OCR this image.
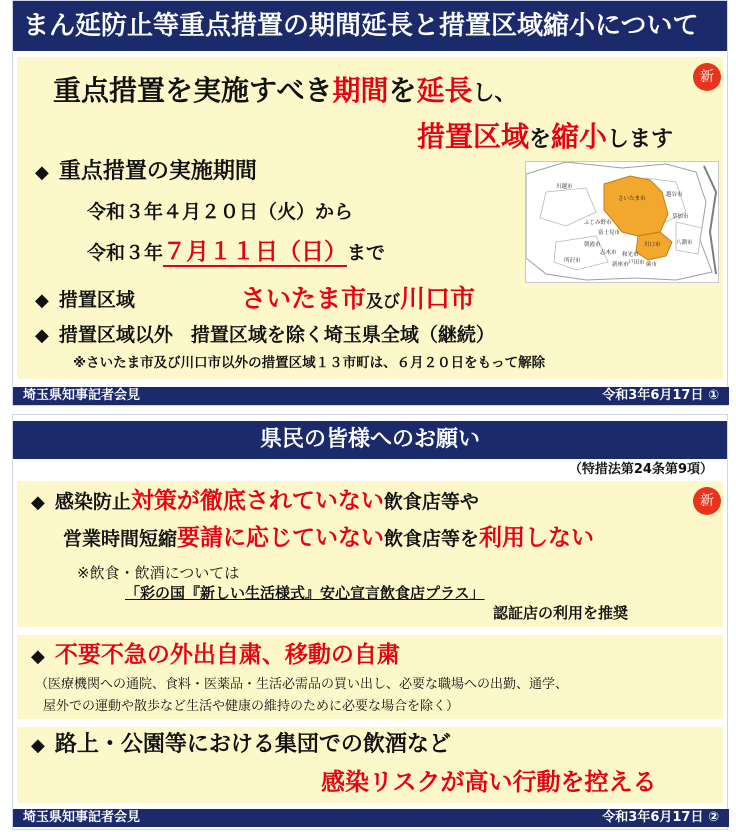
まん延防止等重点措置の期間延長と措置区域縮小について
新
重点措置を実施すべき期間を延長し、
措置区域を縮小します
◆ 重点措置の実施期間
令和３年４月２０日（火）から
令和３年７月１１日（日）まで
◆ 措置区域	さいたま市及び川口市
◆ 措置区域以外 措置区域を除く埼玉県全域（継続）
※さいたま市及び川口市以外の措置区域１３市町は、６月２０日をもって解除
川越市
さいたま市
越谷市
ふじみ野市
草加市
富士見市
川口市
朝霞市	八潮市
志木市 和光市
戸田市
所沢市
新座市	蕨市
埼玉県知事記者会見	令和3年6月17日 ①
県民の皆様へのお願い
（特措法第24条第9項）
新
◆ 感染防止対策が徹底されていない飲食店等や
営業時間短縮要請に応じていない飲食店等を利用しない
※飲食・飲酒については
「彩の国『新しい生活様式』安心宣言飲食店プラス」
認証店の利用を推奨
◆ 不要不急の外出自粛、移動の自粛
（医療機関への通院、食料・医薬品・生活必需品の買い出し、必要な職場への出勤、通学、
屋外での運動や散歩など生活や健康の維持のために必要な場合を除く）
◆ 路上・公園等における集団での飲酒など
感染リスクが高い行動を控える
埼玉県知事記者会見	令和3年6月17日 ②
